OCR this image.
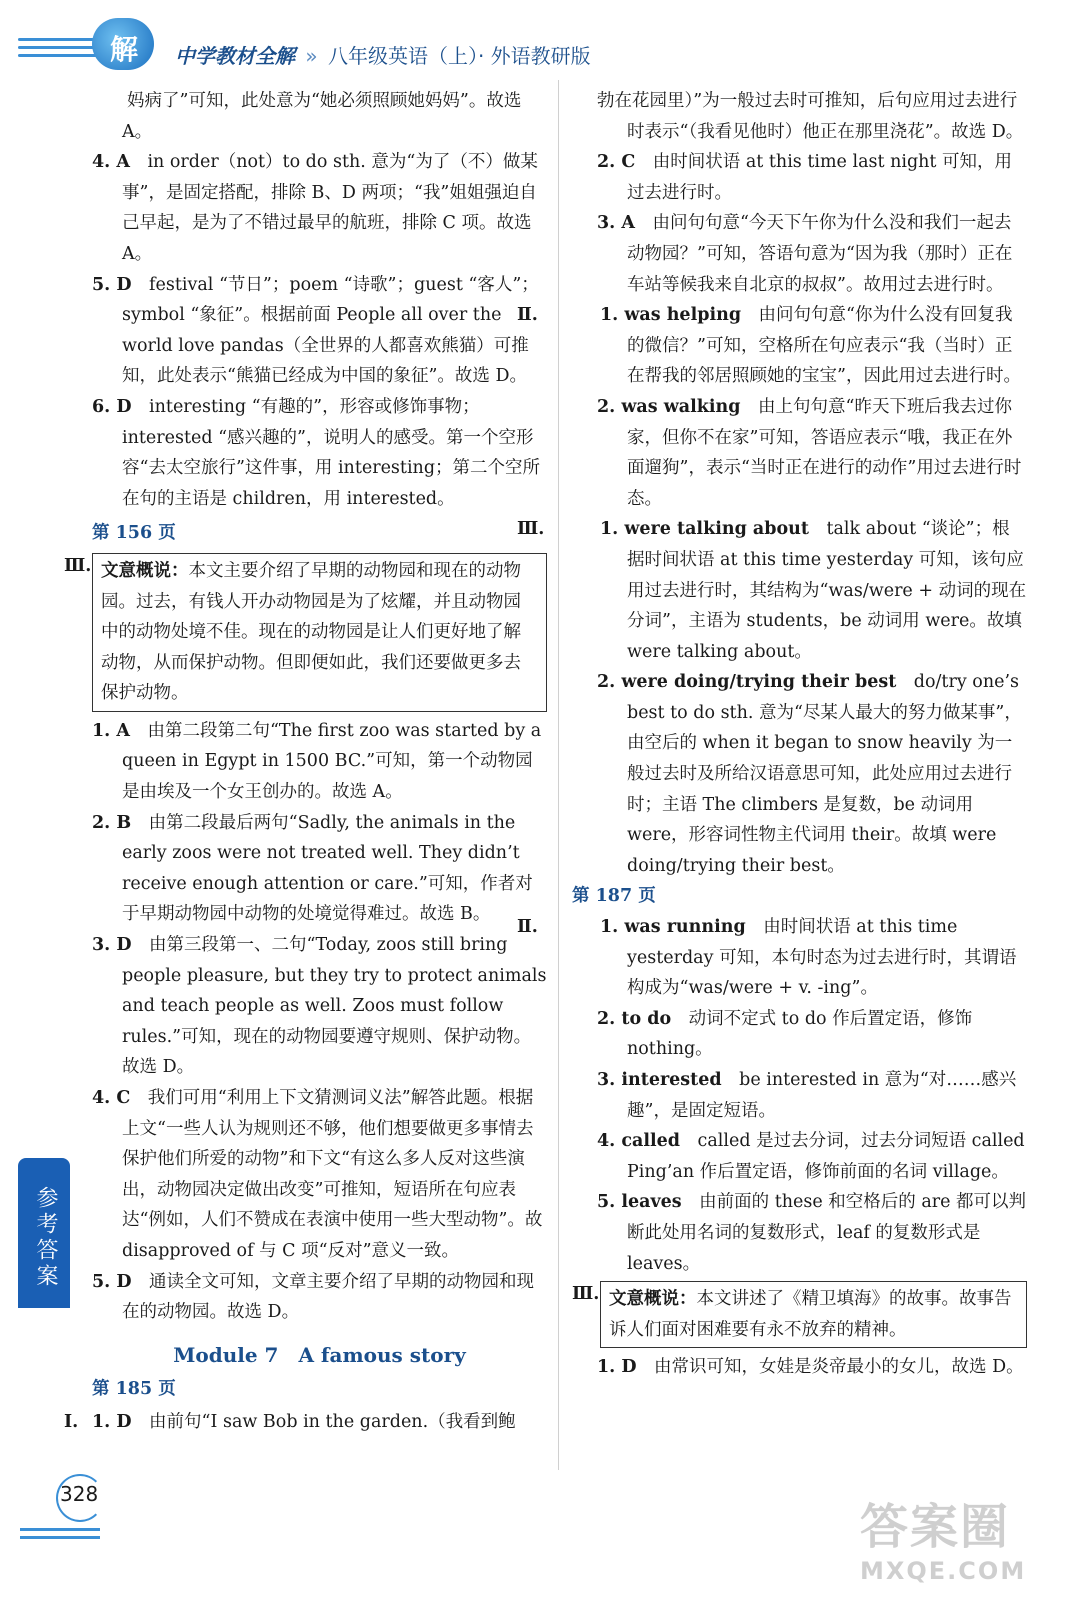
解 中学教材全解 » 八年级英语（上）· 外语教研版
　　妈病了”可知，此处意为“她必须照顾她妈妈”。故选 A。
4. A　in order（not）to do sth. 意为“为了（不）做某事”，是固定搭配，排除 B、D 两项；“我”姐姐强迫自己早起，是为了不错过最早的航班，排除 C 项。故选 A。
5. D　festival “节日”；poem “诗歌”；guest “客人”；symbol “象征”。根据前面 People all over the world love pandas（全世界的人都喜欢熊猫）可推知，此处表示“熊猫已经成为中国的象征”。故选 D。
6. D　interesting “有趣的”，形容或修饰事物；interested “感兴趣的”，说明人的感受。第一个空形容“去太空旅行”这件事，用 interesting；第二个空所在句的主语是 children，用 interested。
第 156 页
Ⅲ. 文意概说：本文主要介绍了早期的动物园和现在的动物园。过去，有钱人开办动物园是为了炫耀，并且动物园中的动物处境不佳。现在的动物园是让人们更好地了解动物，从而保护动物。但即便如此，我们还要做更多去保护动物。
1. A　由第二段第二句“The first zoo was started by a queen in Egypt in 1500 BC.”可知，第一个动物园是由埃及一个女王创办的。故选 A。
2. B　由第二段最后两句“Sadly, the animals in the early zoos were not treated well. They didn’t receive enough attention or care.”可知，作者对于早期动物园中动物的处境觉得难过。故选 B。
3. D　由第三段第一、二句“Today, zoos still bring people pleasure, but they try to protect animals and teach people as well. Zoos must follow rules.”可知，现在的动物园要遵守规则、保护动物。故选 D。
4. C　我们可用“利用上下文猜测词义法”解答此题。根据上文“一些人认为规则还不够，他们想要做更多事情去保护他们所爱的动物”和下文“有这么多人反对这些演出，动物园决定做出改变”可推知，短语所在句应表达“例如，人们不赞成在表演中使用一些大型动物”。故 disapproved of 与 C 项“反对”意义一致。
5. D　通读全文可知，文章主要介绍了早期的动物园和现在的动物园。故选 D。
Module 7 A famous story
第 185 页
Ⅰ. 1. D　由前句“I saw Bob in the garden.（我看到鲍
勃在花园里）”为一般过去时可推知，后句应用过去进行时表示“（我看见他时）他正在那里浇花”。故选 D。
2. C　由时间状语 at this time last night 可知，用过去进行时。
3. A　由问句句意“今天下午你为什么没和我们一起去动物园？”可知，答语句意为“因为我（那时）正在车站等候我来自北京的叔叔”。故用过去进行时。
Ⅱ.	1. was helping　由问句句意“你为什么没有回复我的微信？”可知，空格所在句应表示“我（当时）正在帮我的邻居照顾她的宝宝”，因此用过去进行时。
2. was walking　由上句句意“昨天下班后我去过你家，但你不在家”可知，答语应表示“哦，我正在外面遛狗”，表示“当时正在进行的动作”用过去进行时态。
Ⅲ.	1. were talking about　talk about “谈论”；根据时间状语 at this time yesterday 可知，该句应用过去进行时，其结构为“was/were + 动词的现在分词”，主语为 students，be 动词用 were。故填 were talking about。
2. were doing/trying their best　do/try one’s best to do sth. 意为“尽某人最大的努力做某事”，由空后的 when it began to snow heavily 为一般过去时及所给汉语意思可知，此处应用过去进行时；主语 The climbers 是复数，be 动词用 were，形容词性物主代词用 their。故填 were doing/trying their best。
第 187 页
Ⅱ.	1. was running　由时间状语 at this time yesterday 可知，本句时态为过去进行时，其谓语构成为“was/were + v. -ing”。
2. to do　动词不定式 to do 作后置定语，修饰 nothing。
3. interested　be interested in 意为“对……感兴趣”，是固定短语。
4. called　called 是过去分词，过去分词短语 called Ping’an 作后置定语，修饰前面的名词 village。
5. leaves　由前面的 these 和空格后的 are 都可以判断此处用名词的复数形式，leaf 的复数形式是 leaves。
Ⅲ. 文意概说：本文讲述了《精卫填海》的故事。故事告诉人们面对困难要有永不放弃的精神。
1. D　由常识可知，女娃是炎帝最小的女儿，故选 D。
参考答案
328
答案圈
MXQE.COM
